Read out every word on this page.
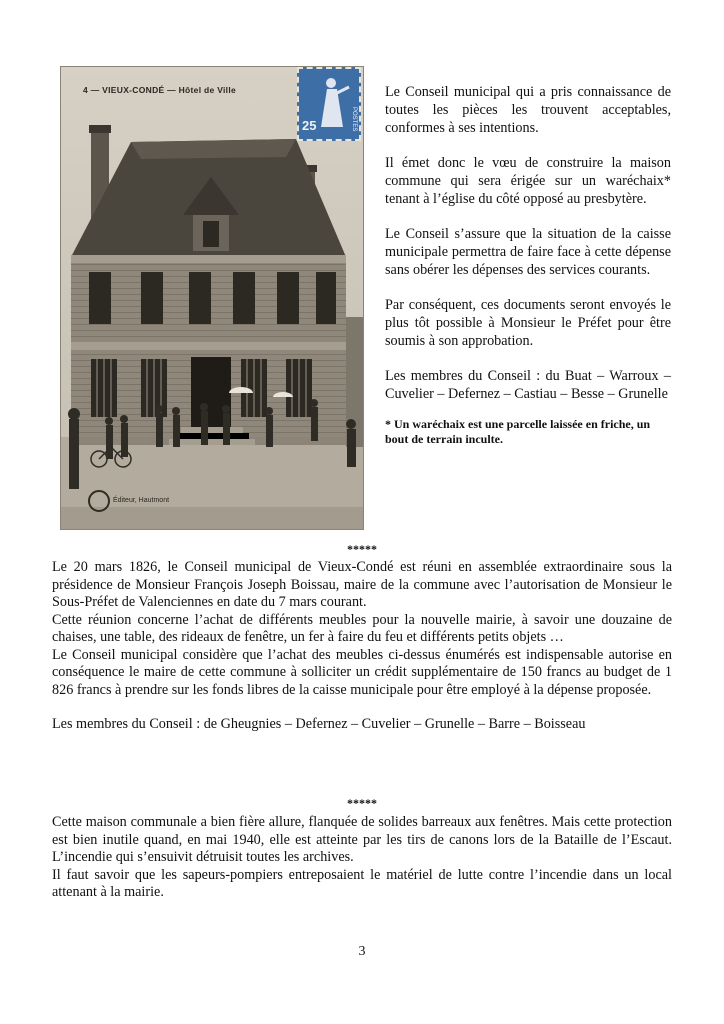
4 — VIEUX-CONDÉ — Hôtel de Ville
25	POSTES
Éditeur, Hautmont

Le Conseil municipal qui a pris connaissance de toutes les pièces les trouvent acceptables, conformes à ses intentions.

Il émet donc le vœu de construire la maison commune qui sera érigée sur un waréchaix* tenant à l’église du côté opposé au presbytère.

Le Conseil s’assure que la situation de la caisse municipale permettra de faire face à cette dépense sans obérer les dépenses des services courants.

Par conséquent, ces documents seront envoyés le plus tôt possible à Monsieur le Préfet pour être soumis à son approbation.

Les membres du Conseil : du Buat – Warroux – Cuvelier – Defernez – Castiau – Besse – Grunelle

* Un waréchaix est une parcelle laissée en friche, un bout de terrain inculte.

*****

Le 20 mars 1826, le Conseil municipal de Vieux-Condé est réuni en assemblée extraordinaire sous la présidence de Monsieur François Joseph Boissau, maire de la commune avec l’autorisation de Monsieur le Sous-Préfet de Valenciennes en date du 7 mars courant.

Cette réunion concerne l’achat de différents meubles pour la nouvelle mairie, à savoir une douzaine de chaises, une table, des rideaux de fenêtre, un fer à faire du feu et différents petits objets …

Le Conseil municipal considère que l’achat des meubles ci-dessus énumérés est indispensable autorise en conséquence le maire de cette commune à solliciter un crédit supplémentaire de 150 francs au budget de 1 826 francs à prendre sur les fonds libres de la caisse municipale pour être employé à la dépense proposée.

Les membres du Conseil : de Gheugnies – Defernez – Cuvelier – Grunelle – Barre – Boisseau

*****

Cette maison communale a bien fière allure, flanquée de solides barreaux aux fenêtres. Mais cette protection est bien inutile quand, en mai 1940, elle est atteinte par les tirs de canons lors de la Bataille de l’Escaut. L’incendie qui s’ensuivit détruisit toutes les archives.

Il faut savoir que les sapeurs-pompiers entreposaient le matériel de lutte contre l’incendie dans un local attenant à la mairie.

3
